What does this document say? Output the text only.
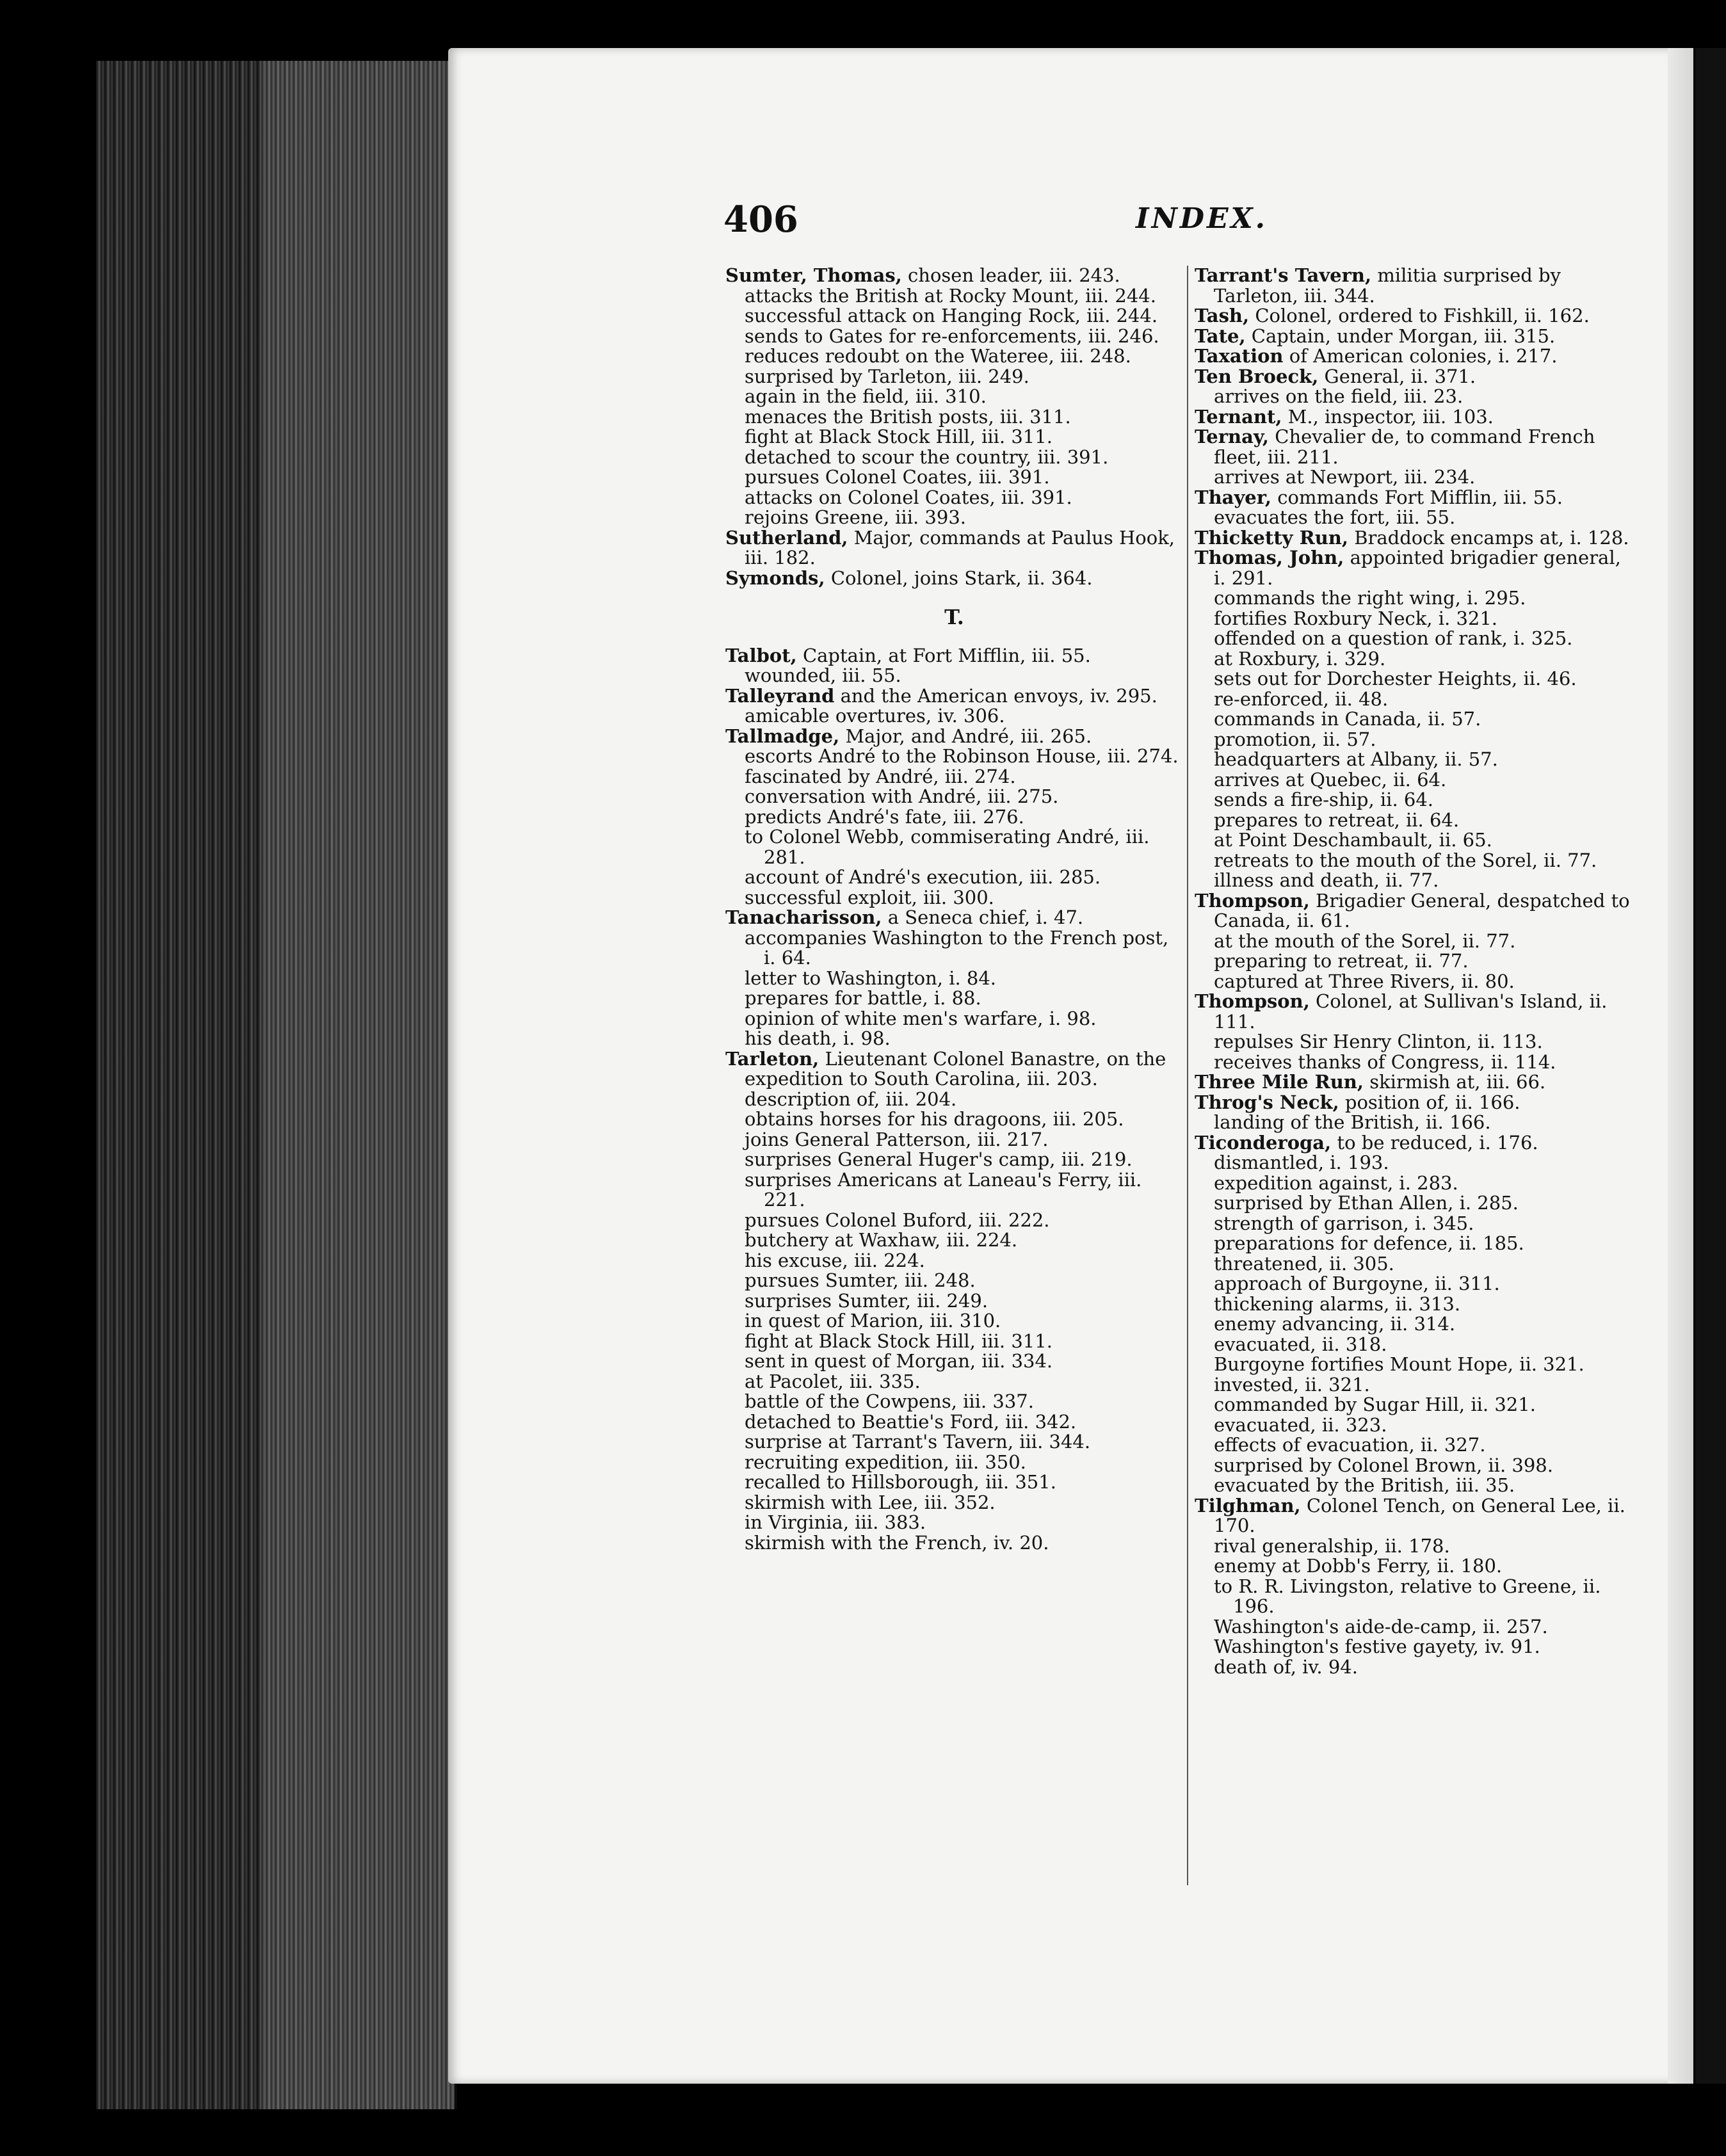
406	INDEX.

Sumter, Thomas, chosen leader, iii. 243.

attacks the British at Rocky Mount, iii. 244.

successful attack on Hanging Rock, iii. 244.

sends to Gates for re-enforcements, iii. 246.

reduces redoubt on the Wateree, iii. 248.

surprised by Tarleton, iii. 249.

again in the field, iii. 310.

menaces the British posts, iii. 311.

fight at Black Stock Hill, iii. 311.

detached to scour the country, iii. 391.

pursues Colonel Coates, iii. 391.

attacks on Colonel Coates, iii. 391.

rejoins Greene, iii. 393.

Sutherland, Major, commands at Paulus Hook, iii. 182.

Symonds, Colonel, joins Stark, ii. 364.

T.

Talbot, Captain, at Fort Mifflin, iii. 55.

wounded, iii. 55.

Talleyrand and the American envoys, iv. 295.

amicable overtures, iv. 306.

Tallmadge, Major, and André, iii. 265.

escorts André to the Robinson House, iii. 274.

fascinated by André, iii. 274.

conversation with André, iii. 275.

predicts André's fate, iii. 276.

to Colonel Webb, commiserating André, iii. 281.

account of André's execution, iii. 285.

successful exploit, iii. 300.

Tanacharisson, a Seneca chief, i. 47.

accompanies Washington to the French post, i. 64.

letter to Washington, i. 84.

prepares for battle, i. 88.

opinion of white men's warfare, i. 98.

his death, i. 98.

Tarleton, Lieutenant Colonel Banastre, on the expedition to South Carolina, iii. 203.

description of, iii. 204.

obtains horses for his dragoons, iii. 205.

joins General Patterson, iii. 217.

surprises General Huger's camp, iii. 219.

surprises Americans at Laneau's Ferry, iii. 221.

pursues Colonel Buford, iii. 222.

butchery at Waxhaw, iii. 224.

his excuse, iii. 224.

pursues Sumter, iii. 248.

surprises Sumter, iii. 249.

in quest of Marion, iii. 310.

fight at Black Stock Hill, iii. 311.

sent in quest of Morgan, iii. 334.

at Pacolet, iii. 335.

battle of the Cowpens, iii. 337.

detached to Beattie's Ford, iii. 342.

surprise at Tarrant's Tavern, iii. 344.

recruiting expedition, iii. 350.

recalled to Hillsborough, iii. 351.

skirmish with Lee, iii. 352.

in Virginia, iii. 383.

skirmish with the French, iv. 20.

Tarrant's Tavern, militia surprised by Tarleton, iii. 344.

Tash, Colonel, ordered to Fishkill, ii. 162.

Tate, Captain, under Morgan, iii. 315.

Taxation of American colonies, i. 217.

Ten Broeck, General, ii. 371.

arrives on the field, iii. 23.

Ternant, M., inspector, iii. 103.

Ternay, Chevalier de, to command French fleet, iii. 211.

arrives at Newport, iii. 234.

Thayer, commands Fort Mifflin, iii. 55.

evacuates the fort, iii. 55.

Thicketty Run, Braddock encamps at, i. 128.

Thomas, John, appointed brigadier general, i. 291.

commands the right wing, i. 295.

fortifies Roxbury Neck, i. 321.

offended on a question of rank, i. 325.

at Roxbury, i. 329.

sets out for Dorchester Heights, ii. 46.

re-enforced, ii. 48.

commands in Canada, ii. 57.

promotion, ii. 57.

headquarters at Albany, ii. 57.

arrives at Quebec, ii. 64.

sends a fire-ship, ii. 64.

prepares to retreat, ii. 64.

at Point Deschambault, ii. 65.

retreats to the mouth of the Sorel, ii. 77.

illness and death, ii. 77.

Thompson, Brigadier General, despatched to Canada, ii. 61.

at the mouth of the Sorel, ii. 77.

preparing to retreat, ii. 77.

captured at Three Rivers, ii. 80.

Thompson, Colonel, at Sullivan's Island, ii. 111.

repulses Sir Henry Clinton, ii. 113.

receives thanks of Congress, ii. 114.

Three Mile Run, skirmish at, iii. 66.

Throg's Neck, position of, ii. 166.

landing of the British, ii. 166.

Ticonderoga, to be reduced, i. 176.

dismantled, i. 193.

expedition against, i. 283.

surprised by Ethan Allen, i. 285.

strength of garrison, i. 345.

preparations for defence, ii. 185.

threatened, ii. 305.

approach of Burgoyne, ii. 311.

thickening alarms, ii. 313.

enemy advancing, ii. 314.

evacuated, ii. 318.

Burgoyne fortifies Mount Hope, ii. 321.

invested, ii. 321.

commanded by Sugar Hill, ii. 321.

evacuated, ii. 323.

effects of evacuation, ii. 327.

surprised by Colonel Brown, ii. 398.

evacuated by the British, iii. 35.

Tilghman, Colonel Tench, on General Lee, ii. 170.

rival generalship, ii. 178.

enemy at Dobb's Ferry, ii. 180.

to R. R. Livingston, relative to Greene, ii. 196.

Washington's aide-de-camp, ii. 257.

Washington's festive gayety, iv. 91.

death of, iv. 94.
